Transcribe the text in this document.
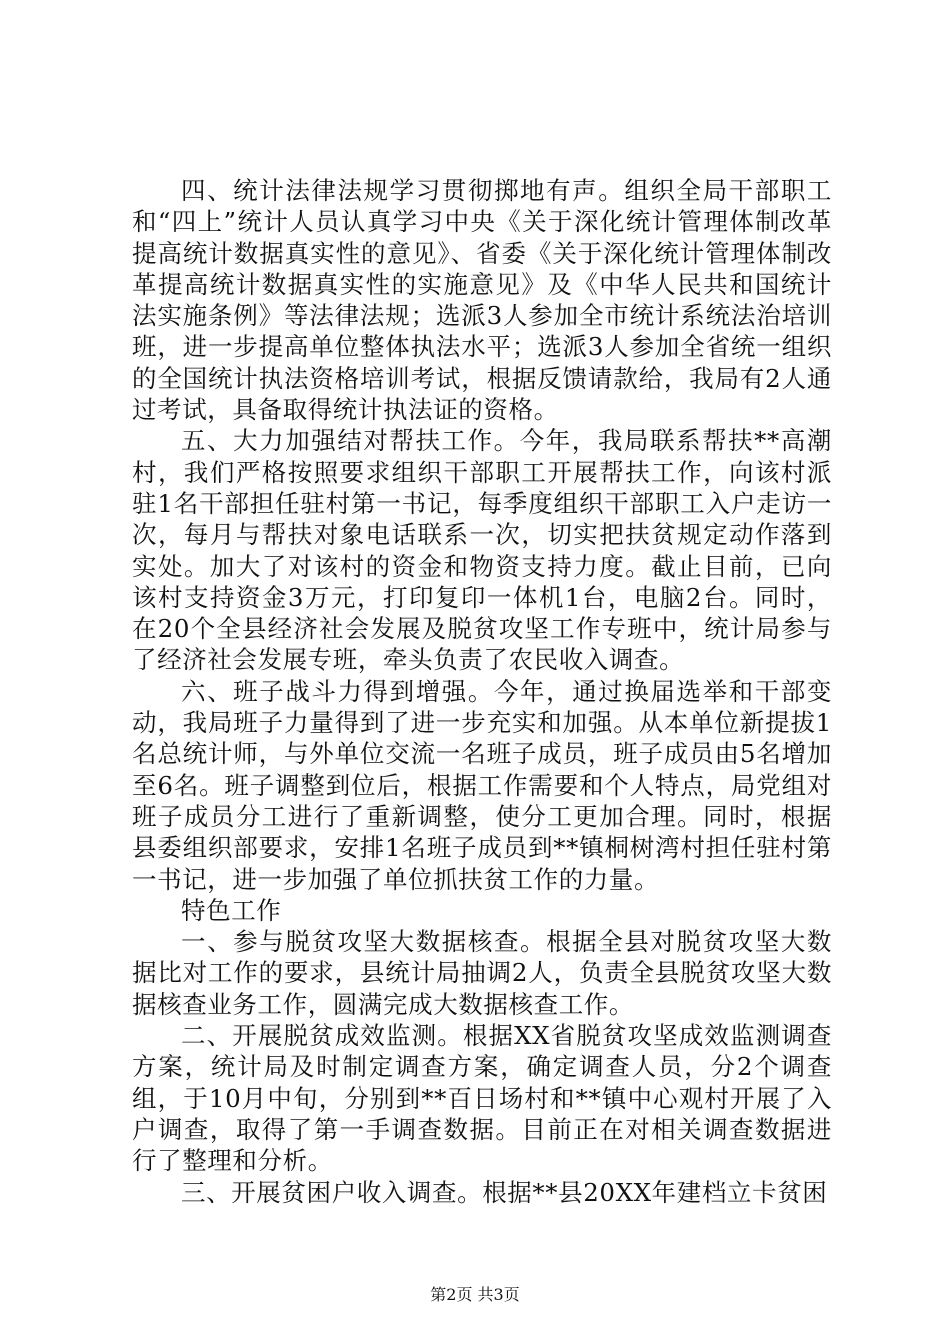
四、统计法律法规学习贯彻掷地有声。组织全局干部职工和“四上”统计人员认真学习中央《关于深化统计管理体制改革提高统计数据真实性的意见》、省委《关于深化统计管理体制改革提高统计数据真实性的实施意见》及《中华人民共和国统计法实施条例》等法律法规；选派3人参加全市统计系统法治培训班，进一步提高单位整体执法水平；选派3人参加全省统一组织的全国统计执法资格培训考试，根据反馈请款给，我局有2人通过考试，具备取得统计执法证的资格。

五、大力加强结对帮扶工作。今年，我局联系帮扶**高潮村，我们严格按照要求组织干部职工开展帮扶工作，向该村派驻1名干部担任驻村第一书记，每季度组织干部职工入户走访一次，每月与帮扶对象电话联系一次，切实把扶贫规定动作落到实处。加大了对该村的资金和物资支持力度。截止目前，已向该村支持资金3万元，打印复印一体机1台，电脑2台。同时，在20个全县经济社会发展及脱贫攻坚工作专班中，统计局参与了经济社会发展专班，牵头负责了农民收入调查。

六、班子战斗力得到增强。今年，通过换届选举和干部变动，我局班子力量得到了进一步充实和加强。从本单位新提拔1名总统计师，与外单位交流一名班子成员，班子成员由5名增加至6名。班子调整到位后，根据工作需要和个人特点，局党组对班子成员分工进行了重新调整，使分工更加合理。同时，根据县委组织部要求，安排1名班子成员到**镇桐树湾村担任驻村第一书记，进一步加强了单位抓扶贫工作的力量。

特色工作

一、参与脱贫攻坚大数据核查。根据全县对脱贫攻坚大数据比对工作的要求，县统计局抽调2人，负责全县脱贫攻坚大数据核查业务工作，圆满完成大数据核查工作。

二、开展脱贫成效监测。根据XX省脱贫攻坚成效监测调查方案，统计局及时制定调查方案，确定调查人员，分2个调查组，于10月中旬，分别到**百日场村和**镇中心观村开展了入户调查，取得了第一手调查数据。目前正在对相关调查数据进行了整理和分析。

三、开展贫困户收入调查。根据**县20XX年建档立卡贫困

第2页 共3页
